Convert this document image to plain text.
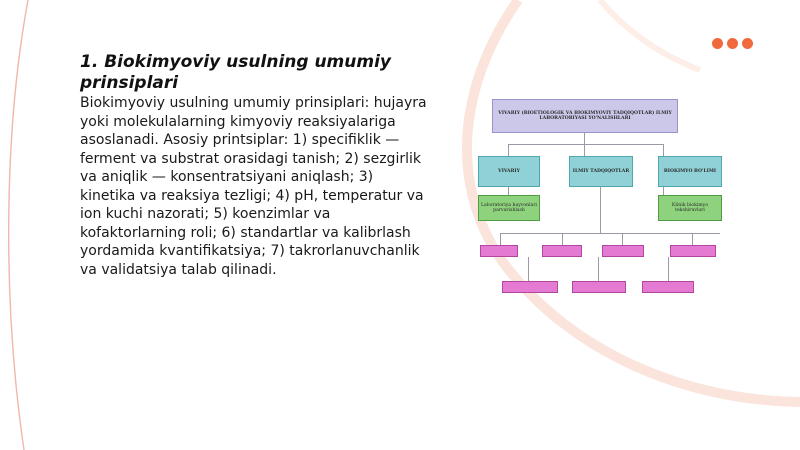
1. Biokimyoviy usulning umumiy prinsiplari

Biokimyoviy usulning umumiy prinsiplari: hujayra yoki molekulalarning kimyoviy reaksiyalariga asoslanadi. Asosiy printsiplar: 1) specifiklik — ferment va substrat orasidagi tanish; 2) sezgirlik va aniqlik — konsentratsiyani aniqlash; 3) kinetika va reaksiya tezligi; 4) pH, temperatur va ion kuchi nazorati; 5) koenzimlar va kofaktorlarning roli; 6) standartlar va kalibrlash yordamida kvantifikatsiya; 7) takrorlanuvchanlik va validatsiya talab qilinadi.

VIVARIY (BIOETIOLOGIK VA BIOKIMYOVIY TADQIQOTLAR) ILMIY LABORATORIYASI YO'NALISHLARI
VIVARIY	ILMIY TADQIQOTLAR	BIOKIMYO BO'LIMI
Laboratoriya hayvonlari parvarishlash
Klinik biokimyo tekshiruvlari
